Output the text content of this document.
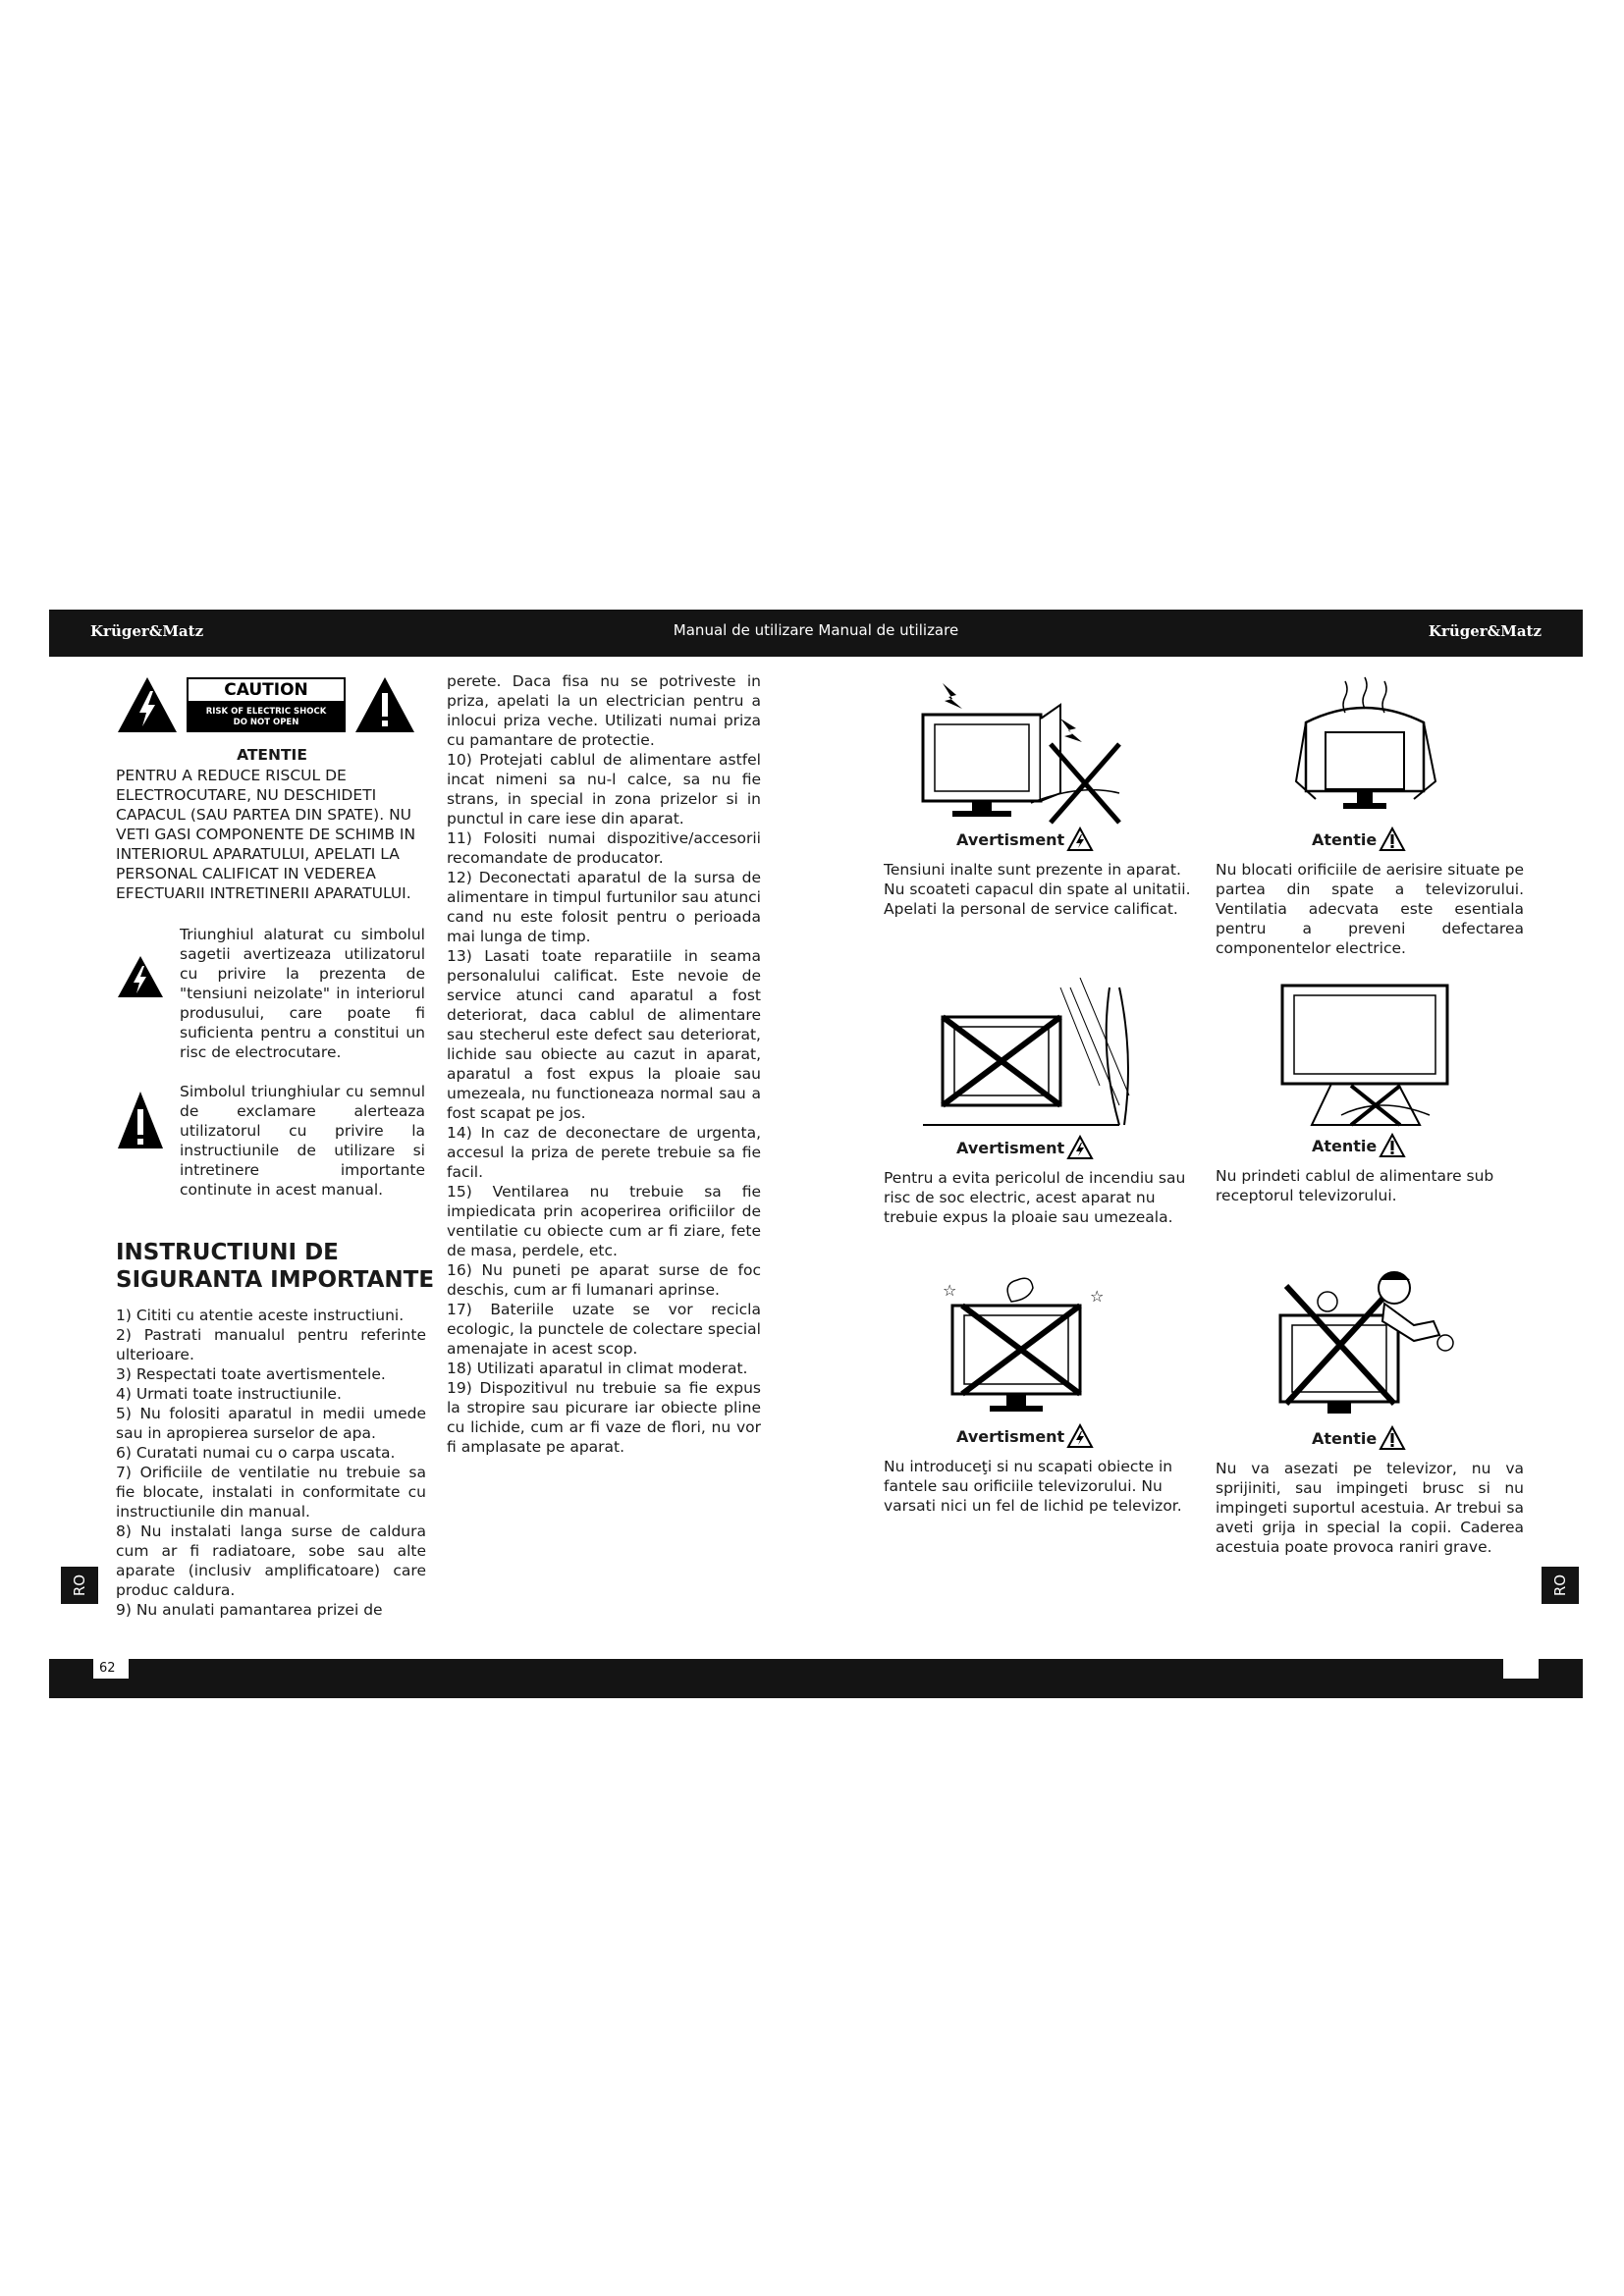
Krüger&Matz	Manual de utilizare Manual de utilizare	Krüger&Matz
RO	RO
62
CAUTION
RISK OF ELECTRIC SHOCK
DO NOT OPEN
ATENTIE
PENTRU A REDUCE RISCUL DE
ELECTROCUTARE, NU DESCHIDETI
CAPACUL (SAU PARTEA DIN SPATE). NU
VETI GASI COMPONENTE DE SCHIMB IN
INTERIORUL APARATULUI, APELATI LA
PERSONAL CALIFICAT IN VEDEREA
EFECTUARII INTRETINERII APARATULUI.
Triunghiul alaturat cu simbolul sagetii avertizeaza utilizatorul cu privire la prezenta de "tensiuni neizolate" in interiorul produsului, care poate fi suficienta pentru a constitui un risc de electrocutare.
Simbolul triunghiular cu semnul de exclamare alerteaza utilizatorul cu privire la instructiunile de utilizare si intretinere importante continute in acest manual.
INSTRUCTIUNI DE
SIGURANTA IMPORTANTE

1) Cititi cu atentie aceste instructiuni.

2) Pastrati manualul pentru referinte ulterioare.

3) Respectati toate avertismentele.

4) Urmati toate instructiunile.

5) Nu folositi aparatul in medii umede sau in apropierea surselor de apa.

6) Curatati numai cu o carpa uscata.

7) Orificiile de ventilatie nu trebuie sa fie blocate, instalati in conformitate cu instructiunile din manual.

8) Nu instalati langa surse de caldura cum ar fi radiatoare, sobe sau alte aparate (inclusiv amplificatoare) care produc caldura.

9) Nu anulati pamantarea prizei de

perete. Daca fisa nu se potriveste in priza, apelati la un electrician pentru a inlocui priza veche. Utilizati numai priza cu pamantare de protectie.

10) Protejati cablul de alimentare astfel incat nimeni sa nu-l calce, sa nu fie strans, in special in zona prizelor si in punctul in care iese din aparat.

11) Folositi numai dispozitive/accesorii recomandate de producator.

12) Deconectati aparatul de la sursa de alimentare in timpul furtunilor sau atunci cand nu este folosit pentru o perioada mai lunga de timp.

13) Lasati toate reparatiile in seama personalului calificat. Este nevoie de service atunci cand aparatul a fost deteriorat, daca cablul de alimentare sau stecherul este defect sau deteriorat, lichide sau obiecte au cazut in aparat, aparatul a fost expus la ploaie sau umezeala, nu functioneaza normal sau a fost scapat pe jos.

14) In caz de deconectare de urgenta, accesul la priza de perete trebuie sa fie facil.

15) Ventilarea nu trebuie sa fie impiedicata prin acoperirea orificiilor de ventilatie cu obiecte cum ar fi ziare, fete de masa, perdele, etc.

16) Nu puneti pe aparat surse de foc deschis, cum ar fi lumanari aprinse.

17) Bateriile uzate se vor recicla ecologic, la punctele de colectare special amenajate in acest scop.

18) Utilizati aparatul in climat moderat.

19) Dispozitivul nu trebuie sa fie expus la stropire sau picurare iar obiecte pline cu lichide, cum ar fi vaze de flori, nu vor fi amplasate pe aparat.

Avertisment
Tensiuni inalte sunt prezente in aparat. Nu scoateti capacul din spate al unitatii. Apelati la personal de service calificat.
Atentie
Nu blocati orificiile de aerisire situate pe partea din spate a televizorului. Ventilatia adecvata este esentiala pentru a preveni defectarea componentelor electrice.
Avertisment
Pentru a evita pericolul de incendiu sau risc de soc electric, acest aparat nu trebuie expus la ploaie sau umezeala.
Atentie
Nu prindeti cablul de alimentare sub receptorul televizorului.
☆	☆
Avertisment
Nu introduceţi si nu scapati obiecte in fantele sau orificiile televizorului. Nu varsati nici un fel de lichid pe televizor.
Atentie
Nu va asezati pe televizor, nu va sprijiniti, sau impingeti brusc si nu impingeti suportul acestuia. Ar trebui sa aveti grija in special la copii. Caderea acestuia poate provoca raniri grave.
